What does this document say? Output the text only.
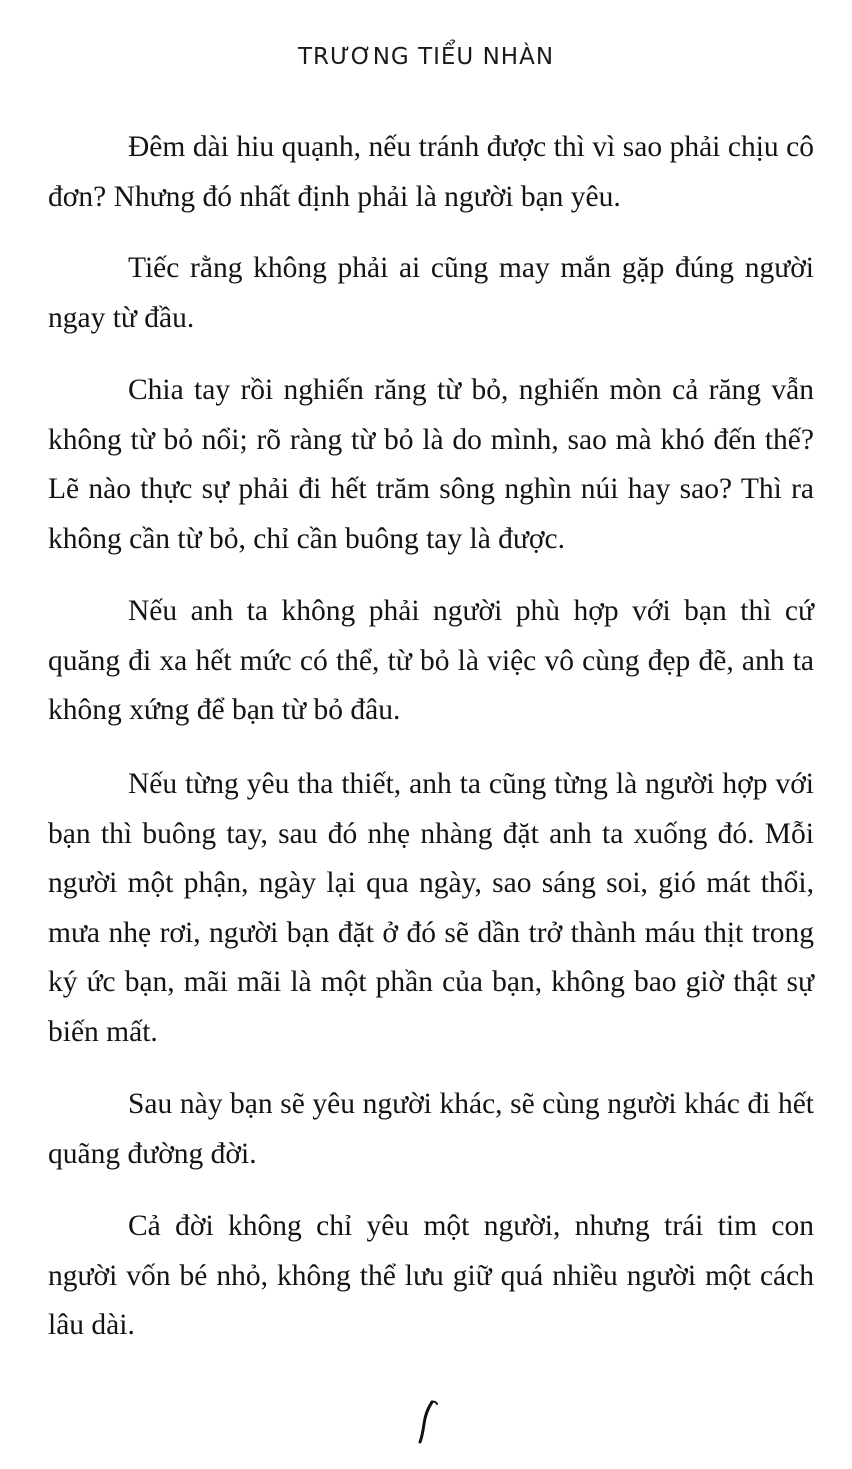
TRƯƠNG TIỂU NHÀN

Đêm dài hiu quạnh, nếu tránh được thì vì sao phải chịu cô đơn? Nhưng đó nhất định phải là người bạn yêu.

Tiếc rằng không phải ai cũng may mắn gặp đúng người ngay từ đầu.

Chia tay rồi nghiến răng từ bỏ, nghiến mòn cả răng vẫn không từ bỏ nổi; rõ ràng từ bỏ là do mình, sao mà khó đến thế? Lẽ nào thực sự phải đi hết trăm sông nghìn núi hay sao? Thì ra không cần từ bỏ, chỉ cần buông tay là được.

Nếu anh ta không phải người phù hợp với bạn thì cứ quăng đi xa hết mức có thể, từ bỏ là việc vô cùng đẹp đẽ, anh ta không xứng để bạn từ bỏ đâu.

Nếu từng yêu tha thiết, anh ta cũng từng là người hợp với bạn thì buông tay, sau đó nhẹ nhàng đặt anh ta xuống đó. Mỗi người một phận, ngày lại qua ngày, sao sáng soi, gió mát thổi, mưa nhẹ rơi, người bạn đặt ở đó sẽ dần trở thành máu thịt trong ký ức bạn, mãi mãi là một phần của bạn, không bao giờ thật sự biến mất.

Sau này bạn sẽ yêu người khác, sẽ cùng người khác đi hết quãng đường đời.

Cả đời không chỉ yêu một người, nhưng trái tim con người vốn bé nhỏ, không thể lưu giữ quá nhiều người một cách lâu dài.
